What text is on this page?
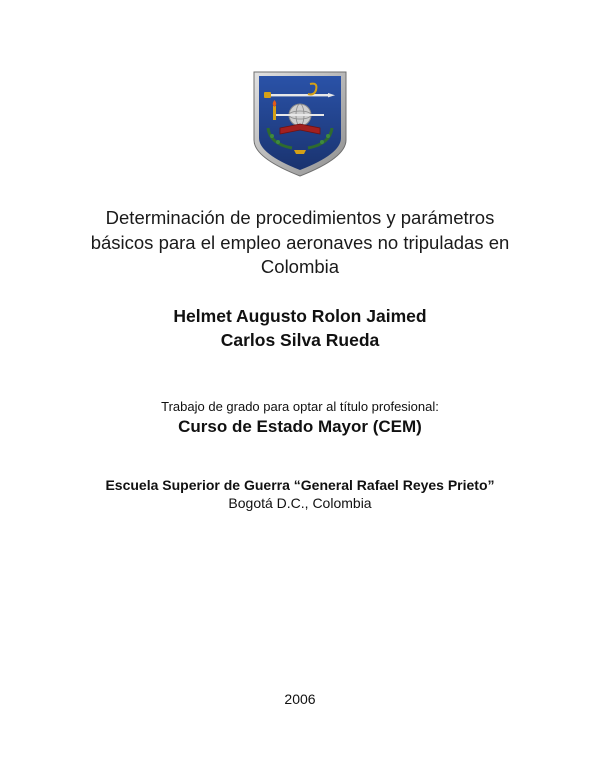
Determinación de procedimientos y parámetros
básicos para el empleo aeronaves no tripuladas en
Colombia
Helmet Augusto Rolon Jaimed
Carlos Silva Rueda
Trabajo de grado para optar al título profesional:
Curso de Estado Mayor (CEM)
Escuela Superior de Guerra “General Rafael Reyes Prieto”
Bogotá D.C., Colombia
2006
